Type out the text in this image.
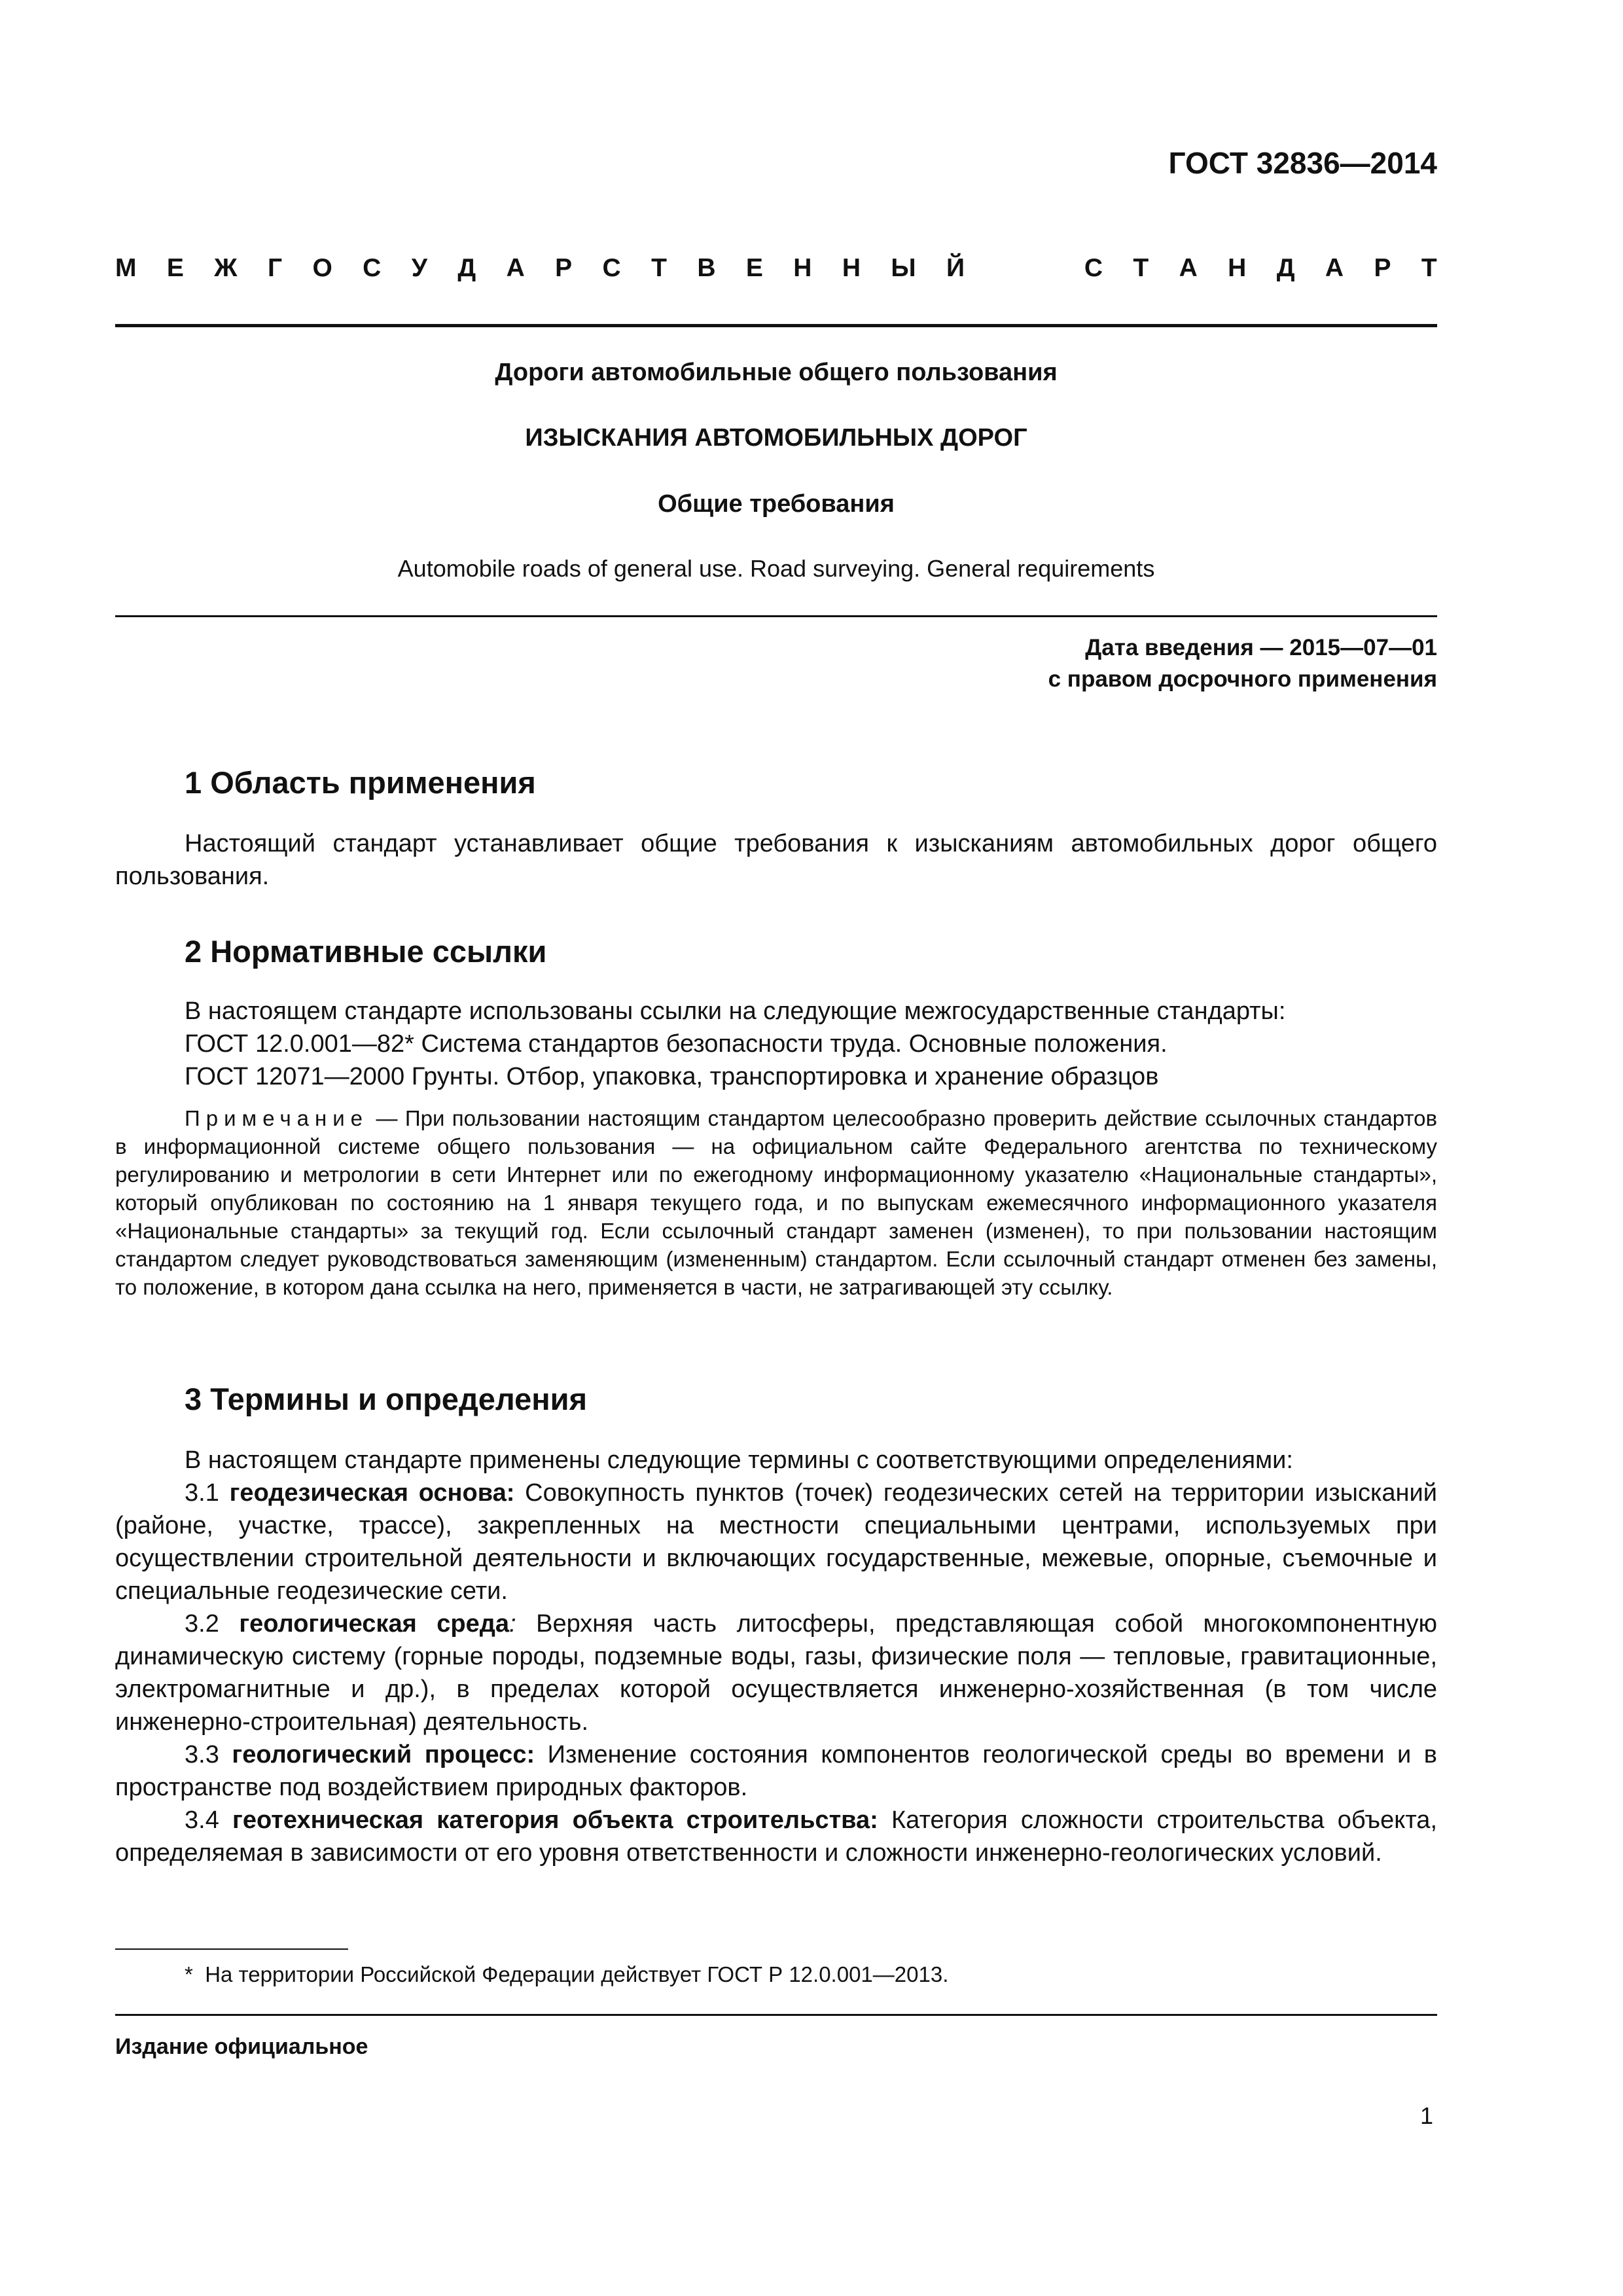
ГОСТ 32836—2014
М Е Ж Г О С У Д А Р С Т В Е Н Н Ы Й	С Т А Н Д А Р Т
Дороги автомобильные общего пользования
ИЗЫСКАНИЯ АВТОМОБИЛЬНЫХ ДОРОГ
Общие требования
Automobile roads of general use. Road surveying. General requirements
Дата введения — 2015—07—01
с правом досрочного применения
1 Область применения
Настоящий стандарт устанавливает общие требования к изысканиям автомобильных дорог общего пользования.
2 Нормативные ссылки
В настоящем стандарте использованы ссылки на следующие межгосударственные стандарты:
ГОСТ 12.0.001—82* Система стандартов безопасности труда. Основные положения.
ГОСТ 12071—2000 Грунты. Отбор, упаковка, транспортировка и хранение образцов
Примечание — При пользовании настоящим стандартом целесообразно проверить действие ссылочных стандартов в информационной системе общего пользования — на официальном сайте Федерального агентства по техническому регулированию и метрологии в сети Интернет или по ежегодному информационному указателю «Национальные стандарты», который опубликован по состоянию на 1 января текущего года, и по выпускам ежемесячного информационного указателя «Национальные стандарты» за текущий год. Если ссылочный стандарт заменен (изменен), то при пользовании настоящим стандартом следует руководствоваться заменяющим (измененным) стандартом. Если ссылочный стандарт отменен без замены, то положение, в котором дана ссылка на него, применяется в части, не затрагивающей эту ссылку.
3 Термины и определения
В настоящем стандарте применены следующие термины с соответствующими определениями:
3.1 геодезическая основа: Совокупность пунктов (точек) геодезических сетей на территории изысканий (районе, участке, трассе), закрепленных на местности специальными центрами, используемых при осуществлении строительной деятельности и включающих государственные, межевые, опорные, съемочные и специальные геодезические сети.
3.2 геологическая среда: Верхняя часть литосферы, представляющая собой многокомпонентную динамическую систему (горные породы, подземные воды, газы, физические поля — тепловые, гравитационные, электромагнитные и др.), в пределах которой осуществляется инженерно-хозяйственная (в том числе инженерно-строительная) деятельность.
3.3 геологический процесс: Изменение состояния компонентов геологической среды во времени и в пространстве под воздействием природных факторов.
3.4 геотехническая категория объекта строительства: Категория сложности строительства объекта, определяемая в зависимости от его уровня ответственности и сложности инженерно-геологических условий.
* На территории Российской Федерации действует ГОСТ Р 12.0.001—2013.
Издание официальное
1
